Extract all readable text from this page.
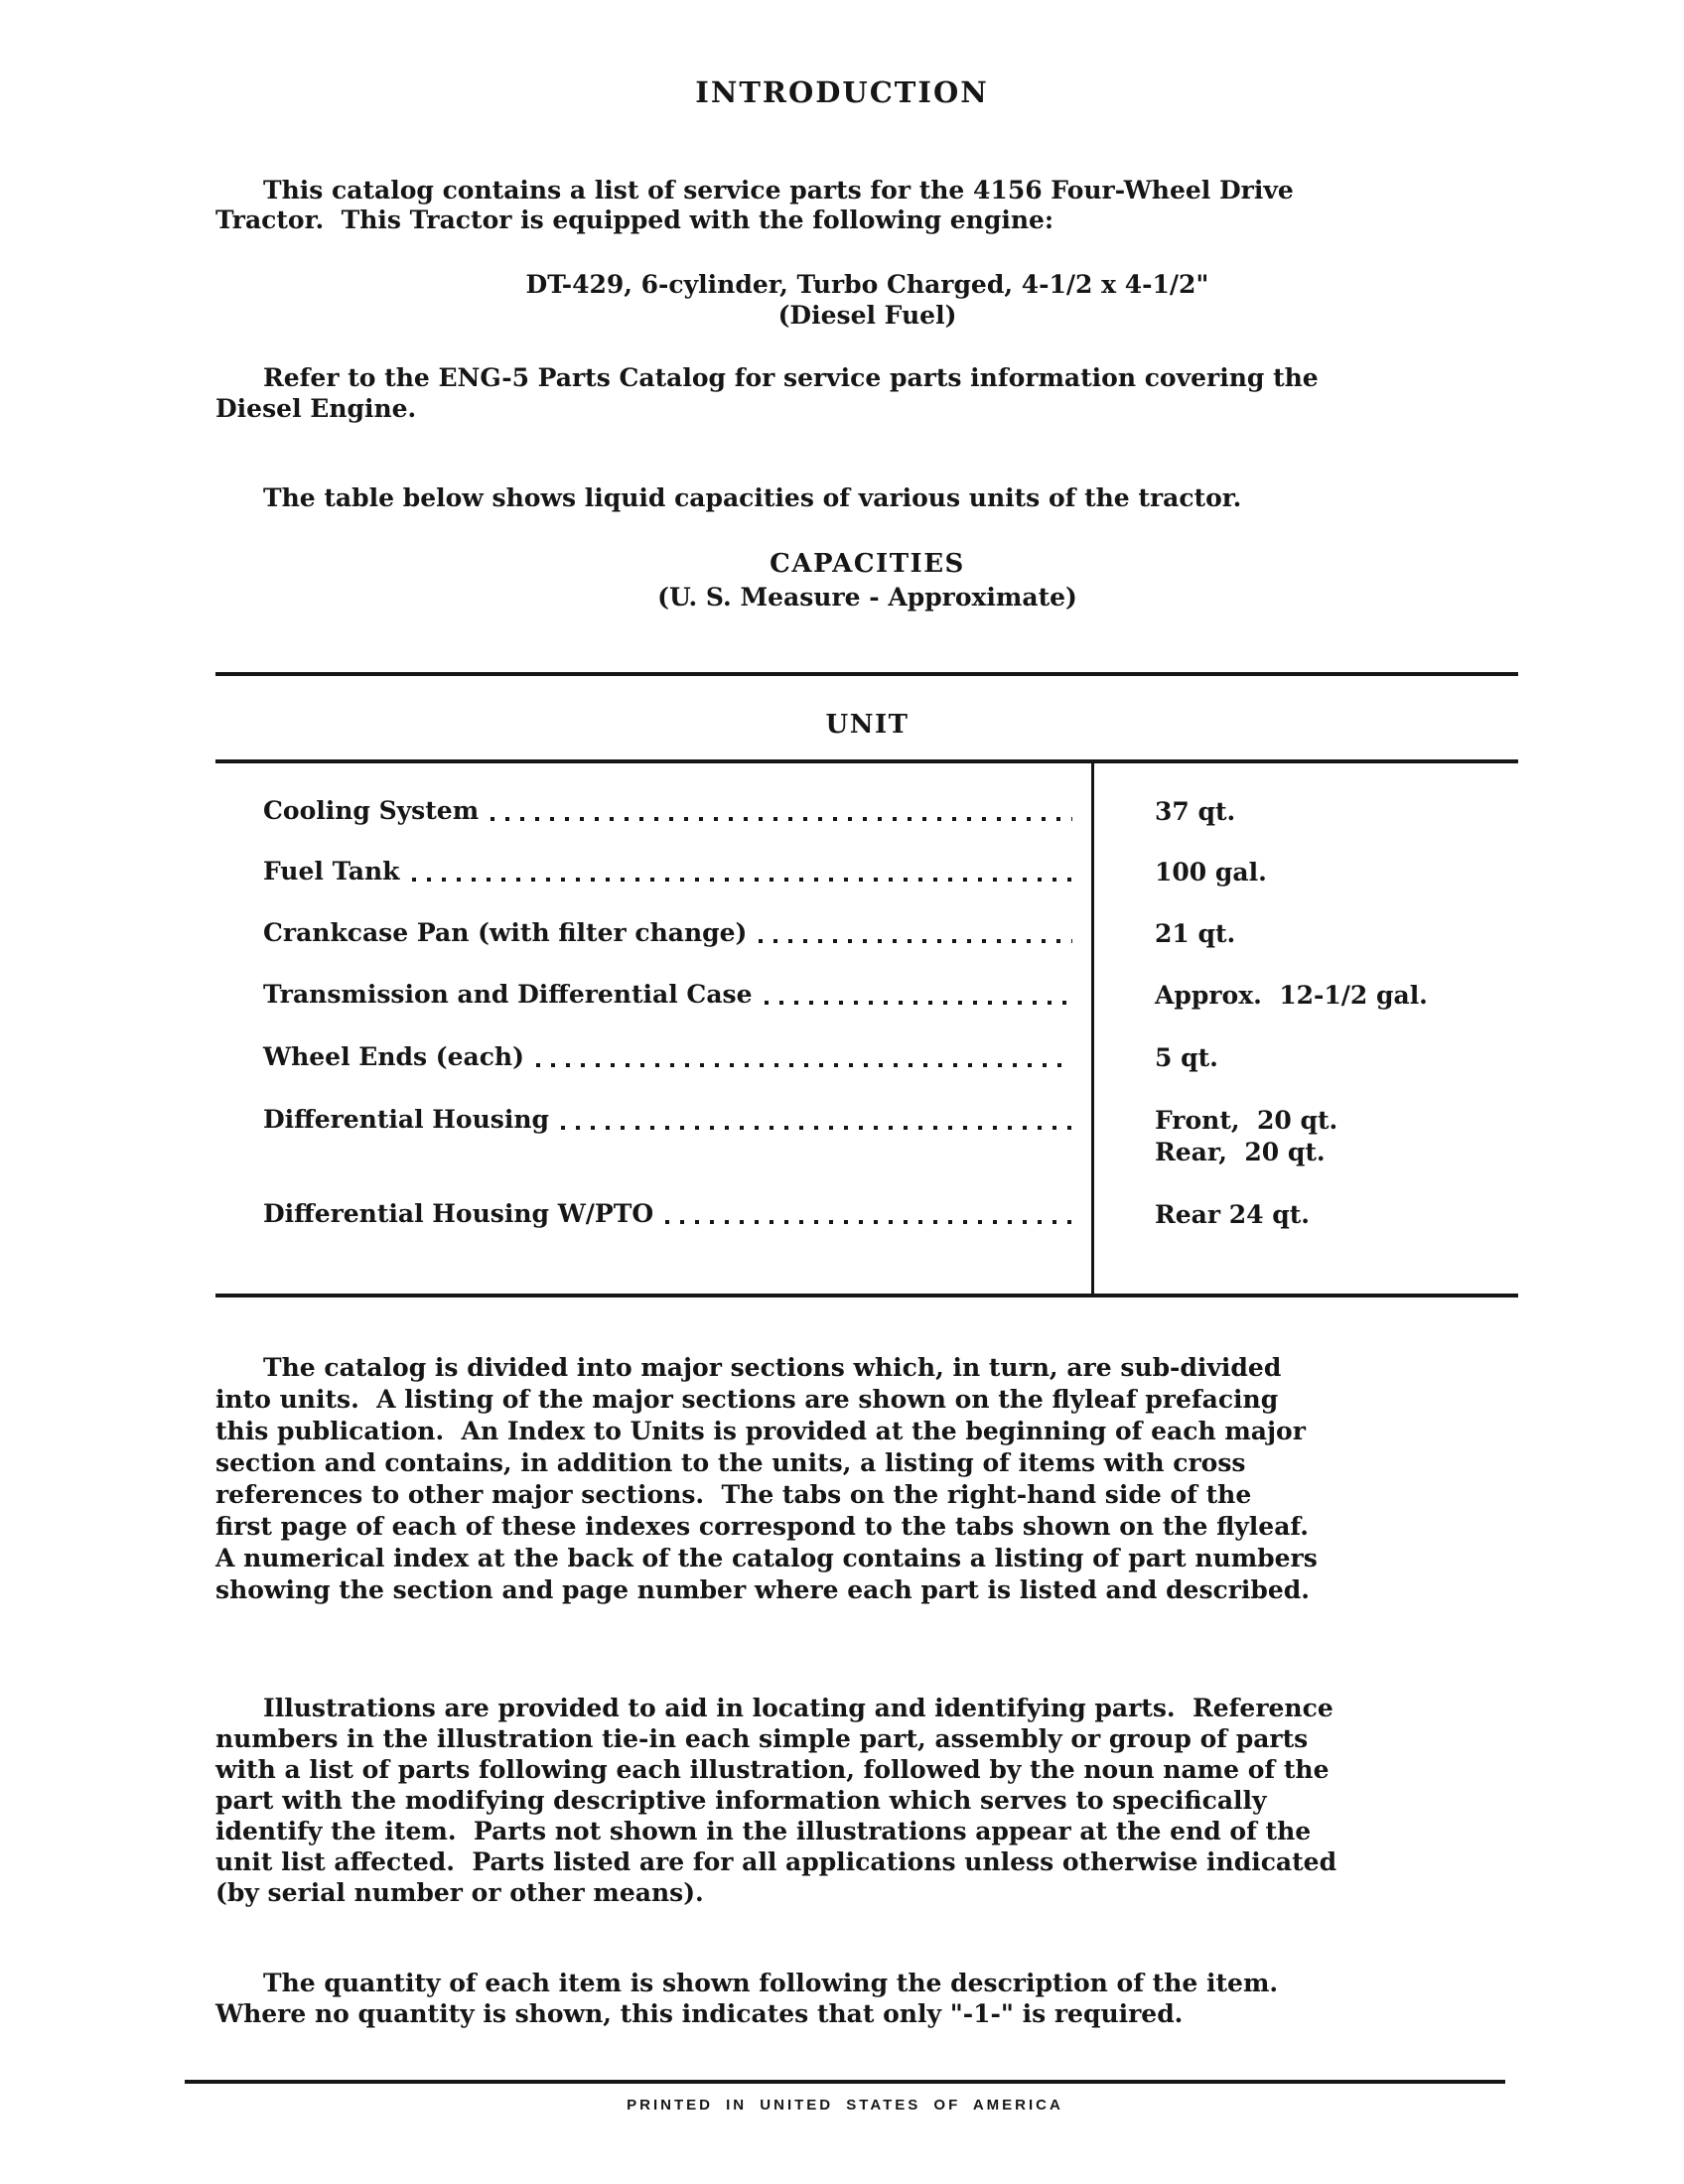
INTRODUCTION
This catalog contains a list of service parts for the 4156 Four-Wheel Drive
Tractor.  This Tractor is equipped with the following engine:
DT-429, 6-cylinder, Turbo Charged, 4-1/2 x 4-1/2"
(Diesel Fuel)
Refer to the ENG-5 Parts Catalog for service parts information covering the
Diesel Engine.
The table below shows liquid capacities of various units of the tractor.
CAPACITIES
(U. S. Measure - Approximate)
UNIT
Cooling System	37 qt.
Fuel Tank	100 gal.
Crankcase Pan (with filter change)	21 qt.
Transmission and Differential Case	Approx.  12-1/2 gal.
Wheel Ends (each)	5 qt.
Differential Housing	Front,  20 qt.
Rear,  20 qt.
Differential Housing W/PTO	Rear 24 qt.
The catalog is divided into major sections which, in turn, are sub-divided
into units.  A listing of the major sections are shown on the flyleaf prefacing
this publication.  An Index to Units is provided at the beginning of each major
section and contains, in addition to the units, a listing of items with cross
references to other major sections.  The tabs on the right-hand side of the
first page of each of these indexes correspond to the tabs shown on the flyleaf.
A numerical index at the back of the catalog contains a listing of part numbers
showing the section and page number where each part is listed and described.
Illustrations are provided to aid in locating and identifying parts.  Reference
numbers in the illustration tie-in each simple part, assembly or group of parts
with a list of parts following each illustration, followed by the noun name of the
part with the modifying descriptive information which serves to specifically
identify the item.  Parts not shown in the illustrations appear at the end of the
unit list affected.  Parts listed are for all applications unless otherwise indicated
(by serial number or other means).
The quantity of each item is shown following the description of the item.
Where no quantity is shown, this indicates that only "-1-" is required.
PRINTED IN UNITED STATES OF AMERICA
